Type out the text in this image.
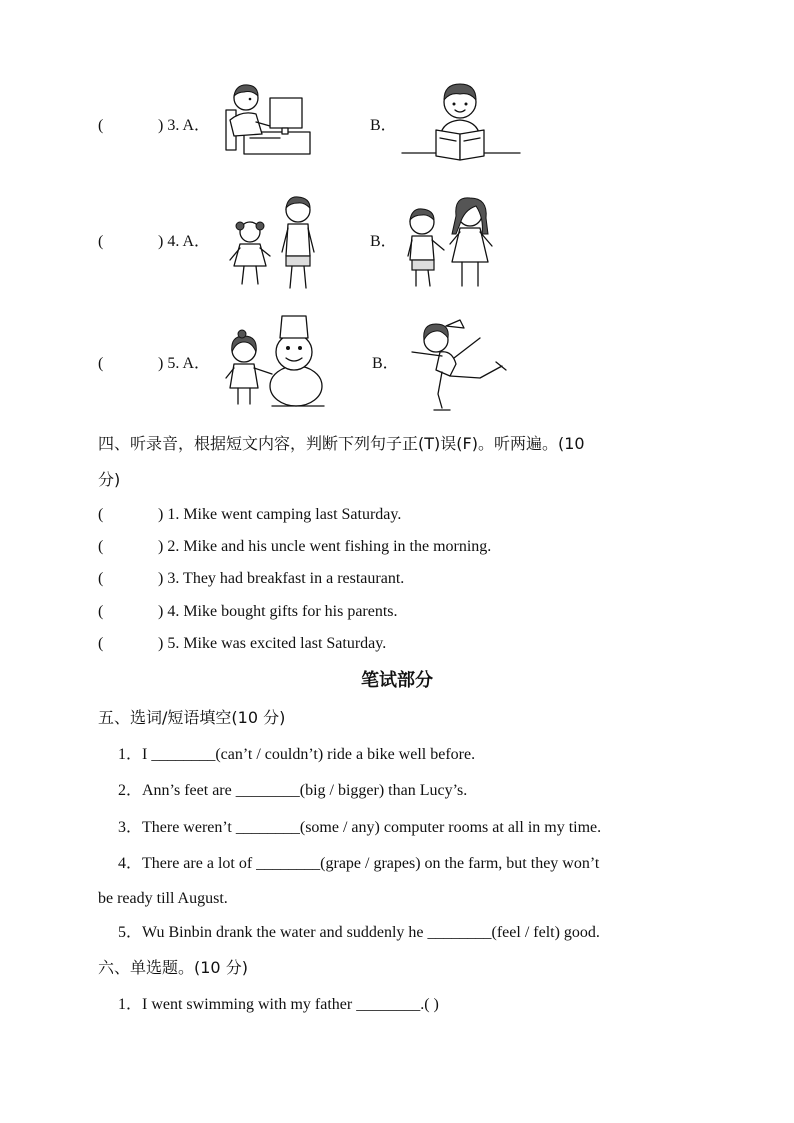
(	) 3. A．	B．
(	) 4. A．	B．
(	) 5. A．	B．
四、听录音，根据短文内容，判断下列句子正(T)误(F)。听两遍。(10
分)
(	) 1. Mike went camping last Saturday.
(	) 2. Mike and his uncle went fishing in the morning.
(	) 3. They had breakfast in a restaurant.
(	) 4. Mike bought gifts for his parents.
(	) 5. Mike was excited last Saturday.
笔试部分
五、选词/短语填空(10 分)
1．I ________(can’t / couldn’t) ride a bike well before.
2．Ann’s feet are ________(big / bigger) than Lucy’s.
3．There weren’t ________(some / any) computer rooms at all in my time.
4．There are a lot of ________(grape / grapes) on the farm, but they won’t
be ready till August.
5．Wu Binbin drank the water and suddenly he ________(feel / felt) good.
六、单选题。(10 分)
1．I went swimming with my father ________.( )
